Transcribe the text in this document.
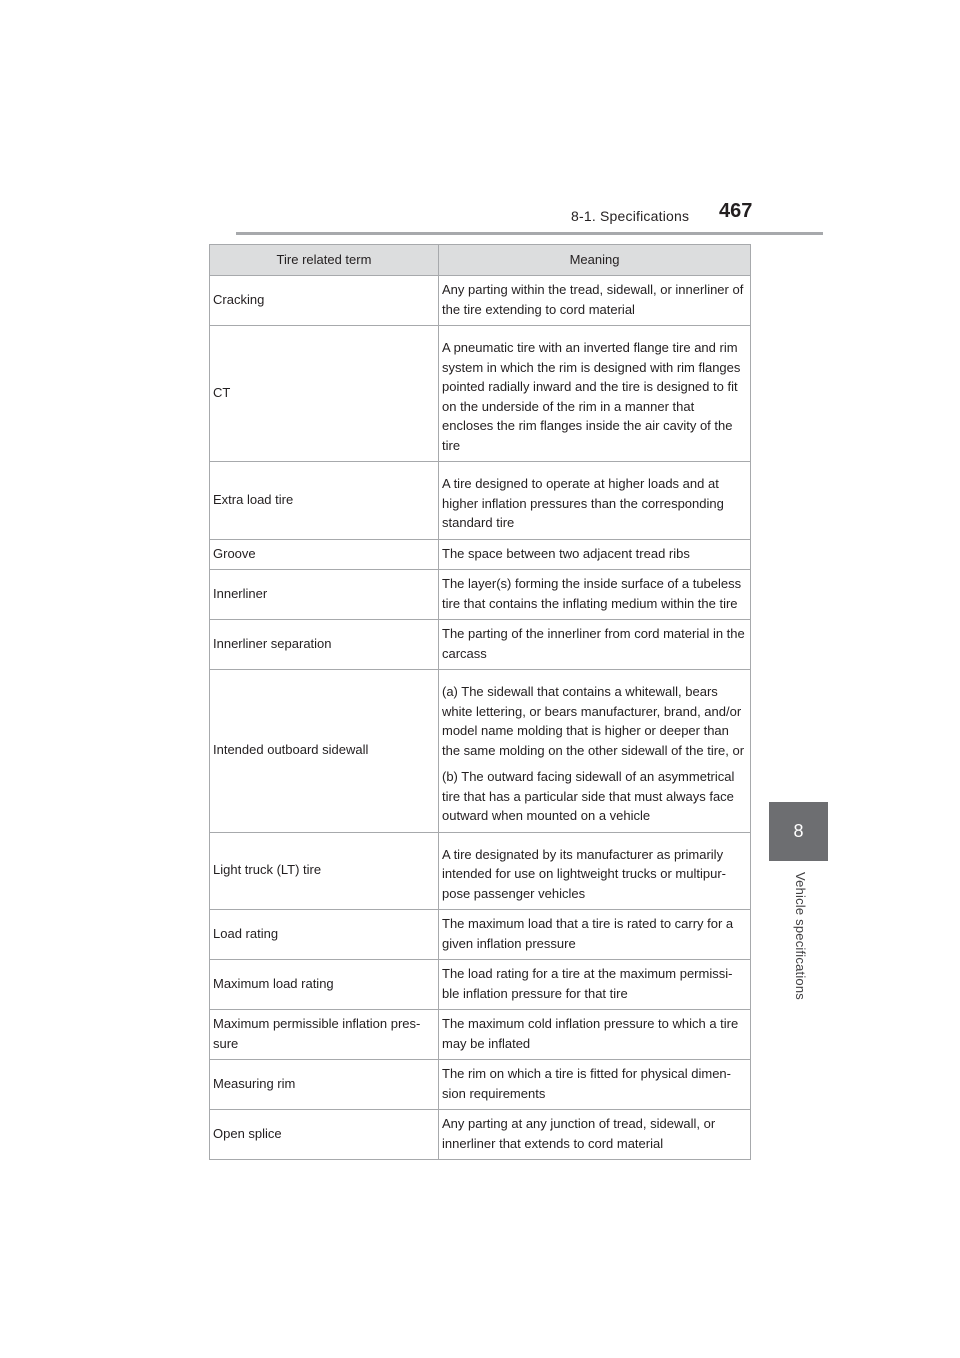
8-1. Specifications 467
8
Vehicle specifications
Tire related term	Meaning
Cracking	Any parting within the tread, sidewall, or innerliner of the tire extending to cord material

CT	A pneumatic tire with an inverted flange tire and rim system in which the rim is designed with rim flanges pointed radially inward and the tire is designed to fit on the underside of the rim in a manner that encloses the rim flanges inside the air cavity of the tire

Extra load tire	A tire designed to operate at higher loads and at higher inflation pressures than the corresponding standard tire

Groove	The space between two adjacent tread ribs

Innerliner	The layer(s) forming the inside surface of a tubeless tire that contains the inflating medium within the tire

Innerliner separation	The parting of the innerliner from cord material in the carcass

Intended outboard sidewall	(a) The sidewall that contains a whitewall, bears white lettering, or bears manufacturer, brand, and/or model name molding that is higher or deeper than the same molding on the other sidewall of the tire, or

(b) The outward facing sidewall of an asymmetrical tire that has a particular side that must always face outward when mounted on a vehicle

Light truck (LT) tire	A tire designated by its manufacturer as primarily intended for use on lightweight trucks or multipur-pose passenger vehicles

Load rating	The maximum load that a tire is rated to carry for a given inflation pressure

Maximum load rating	The load rating for a tire at the maximum permissi-ble inflation pressure for that tire

Maximum permissible inflation pres-sure	The maximum cold inflation pressure to which a tire may be inflated

Measuring rim	The rim on which a tire is fitted for physical dimen-sion requirements

Open splice	Any parting at any junction of tread, sidewall, or innerliner that extends to cord material
